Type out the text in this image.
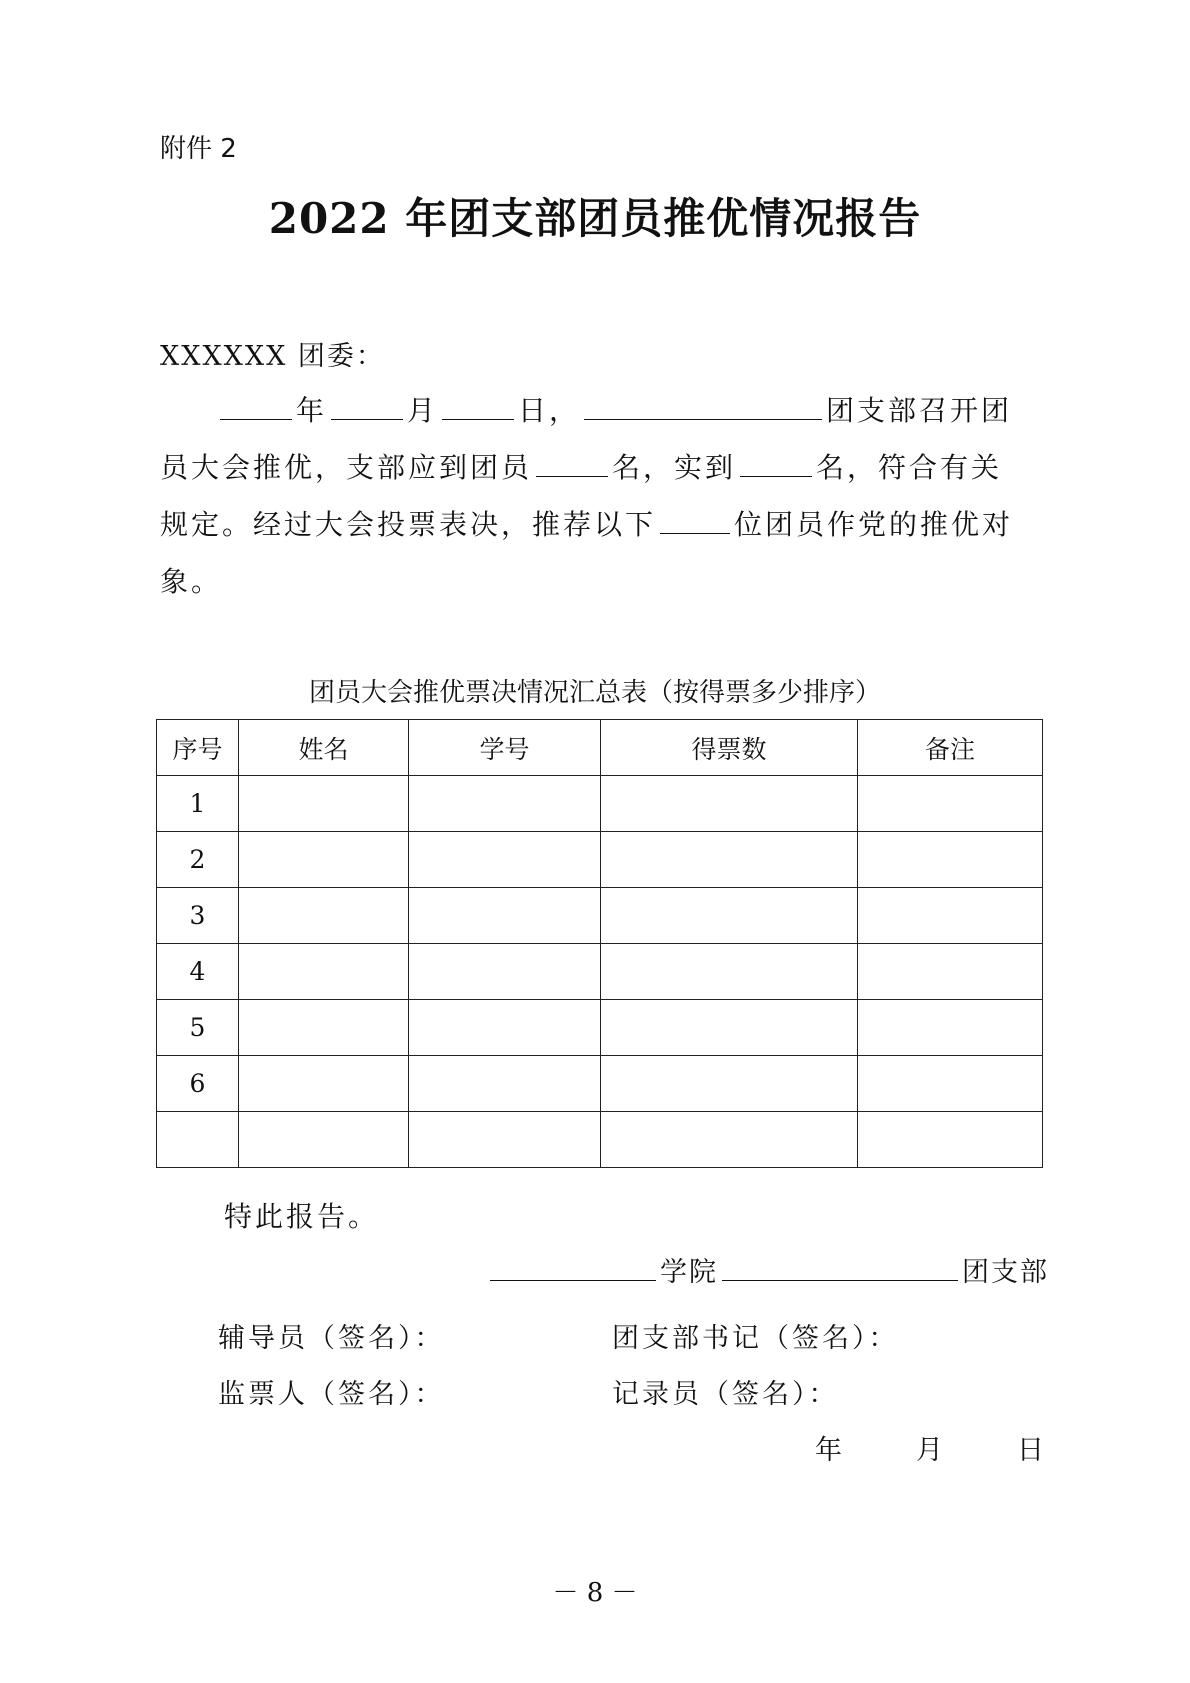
附件 2
2022 年团支部团员推优情况报告
XXXXXX 团委：
年	月	日，	团支部召开团
员大会推优，支部应到团员	名，实到	名，符合有关
规定。经过大会投票表决，推荐以下	位团员作党的推优对
象。
团员大会推优票决情况汇总表（按得票多少排序）
序号	姓名	学号	得票数	备注
1				
2				
3				
4				
5				
6				

特此报告。
学院	团支部
辅导员（签名）：	团支部书记（签名）：
监票人（签名）：	记录员（签名）：
年	月	日
－ 8 －
